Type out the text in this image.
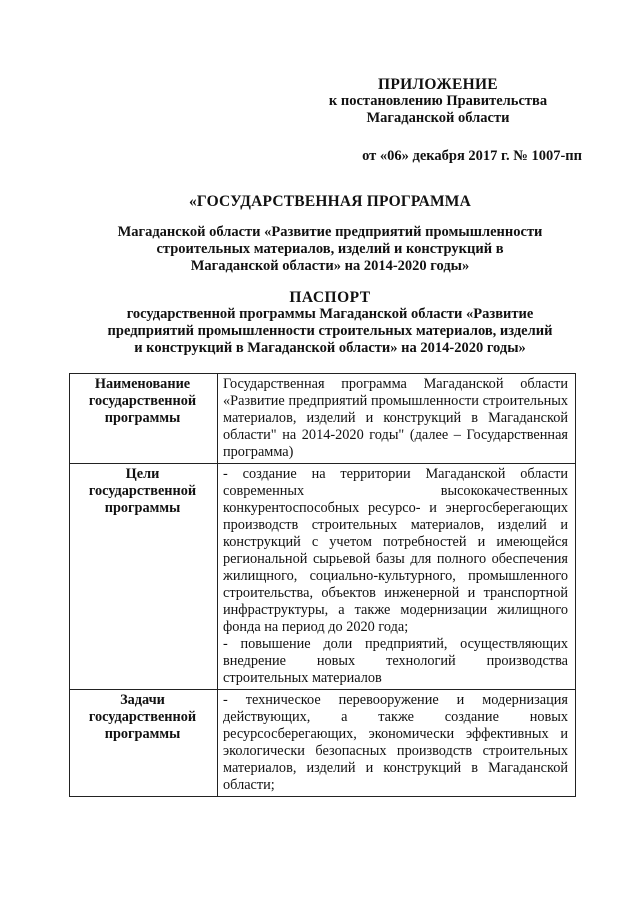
ПРИЛОЖЕНИЕ
к постановлению Правительства
Магаданской области
от «06» декабря 2017 г. № 1007-пп
«ГОСУДАРСТВЕННАЯ ПРОГРАММА
Магаданской области «Развитие предприятий промышленности
строительных материалов, изделий и конструкций в
Магаданской области» на 2014-2020 годы»
ПАСПОРТ
государственной программы Магаданской области «Развитие
предприятий промышленности строительных материалов, изделий
и конструкций в Магаданской области» на 2014-2020 годы»
Наименование государственной программы	Государственная программа Магаданской области «Развитие предприятий промышленности строительных материалов, изделий и конструкций в Магаданской области" на 2014-2020 годы" (далее – Государственная программа)

Цели государственной программы	- создание на территории Магаданской области современных высококачественных конкурентоспособных ресурсо- и энергосберегающих производств строительных материалов, изделий и конструкций с учетом потребностей и имеющейся региональной сырьевой базы для полного обеспечения жилищного, социально-культурного, промышленного строительства, объектов инженерной и транспортной инфраструктуры, а также модернизации жилищного фонда на период до 2020 года;
- повышение доли предприятий, осуществляющих внедрение новых технологий производства строительных материалов

Задачи государственной программы	- техническое перевооружение и модернизация действующих, а также создание новых ресурсосберегающих, экономически эффективных и экологически безопасных производств строительных материалов, изделий и конструкций в Магаданской области;
